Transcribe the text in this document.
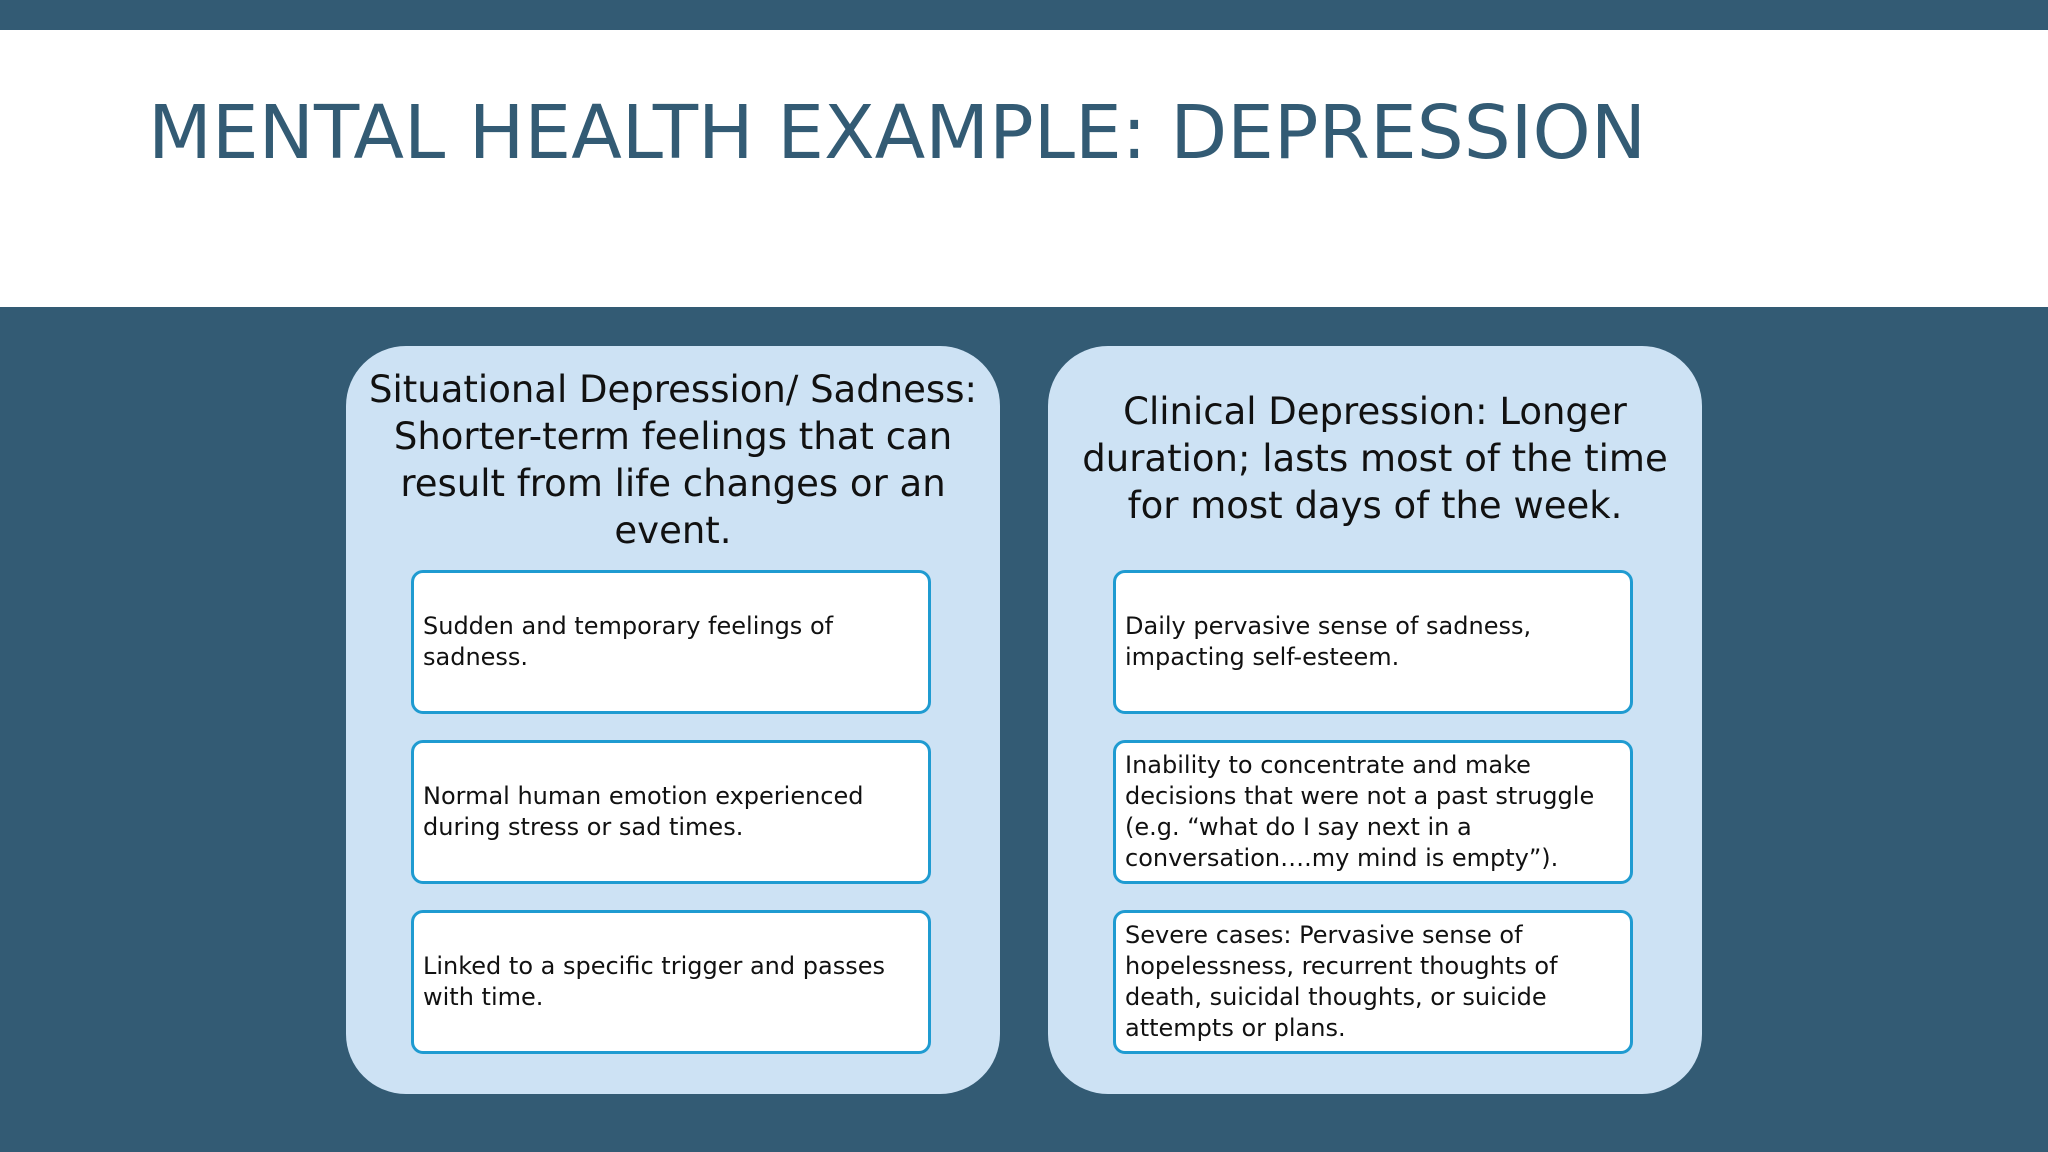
MENTAL HEALTH EXAMPLE: DEPRESSION

Situational Depression/ Sadness: Shorter-term feelings that can result from life changes or an event.

Sudden and temporary feelings of sadness.
Normal human emotion experienced during stress or sad times.
Linked to a specific trigger and passes with time.

Clinical Depression: Longer duration; lasts most of the time for most days of the week.

Daily pervasive sense of sadness, impacting self-esteem.
Inability to concentrate and make decisions that were not a past struggle (e.g. “what do I say next in a conversation….my mind is empty”).
Severe cases: Pervasive sense of hopelessness, recurrent thoughts of death, suicidal thoughts, or suicide attempts or plans.
